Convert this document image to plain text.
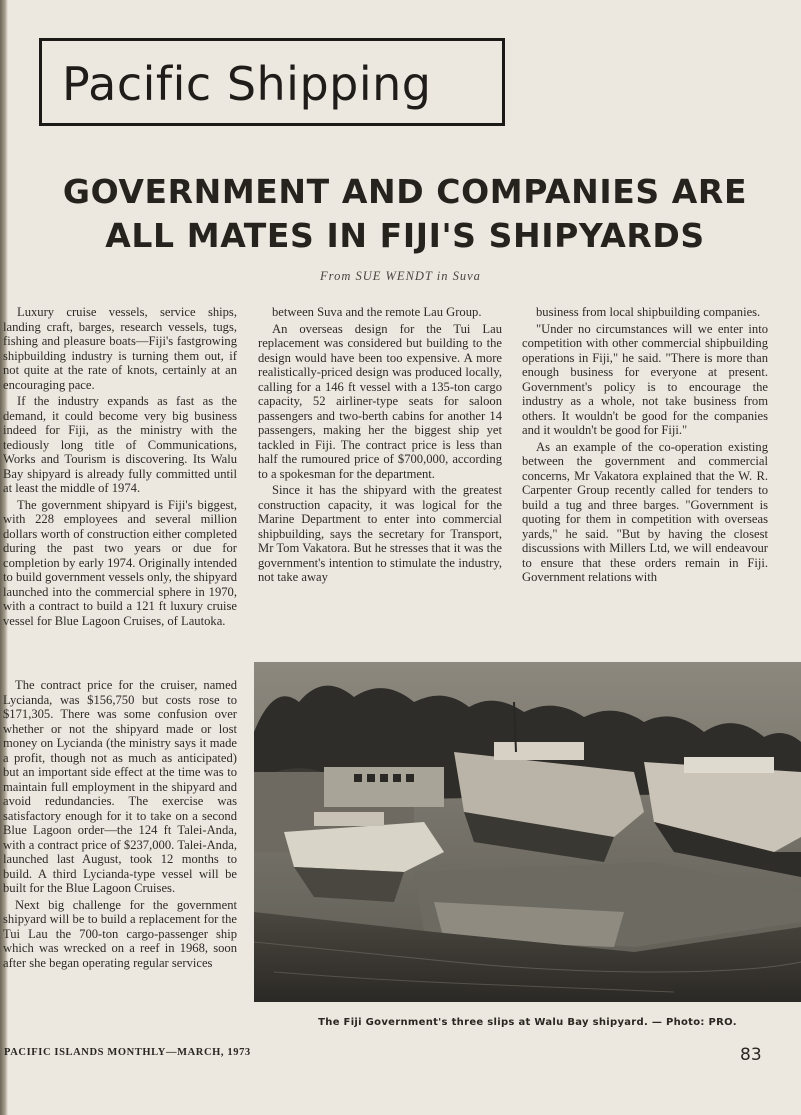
Pacific Shipping
GOVERNMENT AND COMPANIES ARE
ALL MATES IN FIJI'S SHIPYARDS
From SUE WENDT in Suva

Luxury cruise vessels, service ships, landing craft, barges, research vessels, tugs, fishing and pleasure boats—Fiji's fastgrowing shipbuilding industry is turning them out, if not quite at the rate of knots, certainly at an encouraging pace.

If the industry expands as fast as the demand, it could become very big business indeed for Fiji, as the ministry with the tediously long title of Communications, Works and Tourism is discovering. Its Walu Bay shipyard is already fully committed until at least the middle of 1974.

The government shipyard is Fiji's biggest, with 228 employees and several million dollars worth of construction either completed during the past two years or due for completion by early 1974. Originally intended to build government vessels only, the shipyard launched into the commercial sphere in 1970, with a contract to build a 121 ft luxury cruise vessel for Blue Lagoon Cruises, of Lautoka.

The contract price for the cruiser, named Lycianda, was $156,750 but costs rose to $171,305. There was some confusion over whether or not the shipyard made or lost money on Lycianda (the ministry says it made a profit, though not as much as anticipated) but an important side effect at the time was to maintain full employment in the shipyard and avoid redundancies. The exercise was satisfactory enough for it to take on a second Blue Lagoon order—the 124 ft Talei-Anda, with a contract price of $237,000. Talei-Anda, launched last August, took 12 months to build. A third Lycianda-type vessel will be built for the Blue Lagoon Cruises.

Next big challenge for the government shipyard will be to build a replacement for the Tui Lau the 700-ton cargo-passenger ship which was wrecked on a reef in 1968, soon after she began operating regular services

between Suva and the remote Lau Group.

An overseas design for the Tui Lau replacement was considered but building to the design would have been too expensive. A more realistically-priced design was produced locally, calling for a 146 ft vessel with a 135-ton cargo capacity, 52 airliner-type seats for saloon passengers and two-berth cabins for another 14 passengers, making her the biggest ship yet tackled in Fiji. The contract price is less than half the rumoured price of $700,000, according to a spokesman for the department.

Since it has the shipyard with the greatest construction capacity, it was logical for the Marine Department to enter into commercial shipbuilding, says the secretary for Transport, Mr Tom Vakatora. But he stresses that it was the government's intention to stimulate the industry, not take away

business from local shipbuilding companies.

"Under no circumstances will we enter into competition with other commercial shipbuilding operations in Fiji," he said. "There is more than enough business for everyone at present. Government's policy is to encourage the industry as a whole, not take business from others. It wouldn't be good for the companies and it wouldn't be good for Fiji."

As an example of the co-operation existing between the government and commercial concerns, Mr Vakatora explained that the W. R. Carpenter Group recently called for tenders to build a tug and three barges. "Government is quoting for them in competition with overseas yards," he said. "But by having the closest discussions with Millers Ltd, we will endeavour to ensure that these orders remain in Fiji. Government relations with

The Fiji Government's three slips at Walu Bay shipyard. — Photo: PRO.
PACIFIC ISLANDS MONTHLY—MARCH, 1973	83
